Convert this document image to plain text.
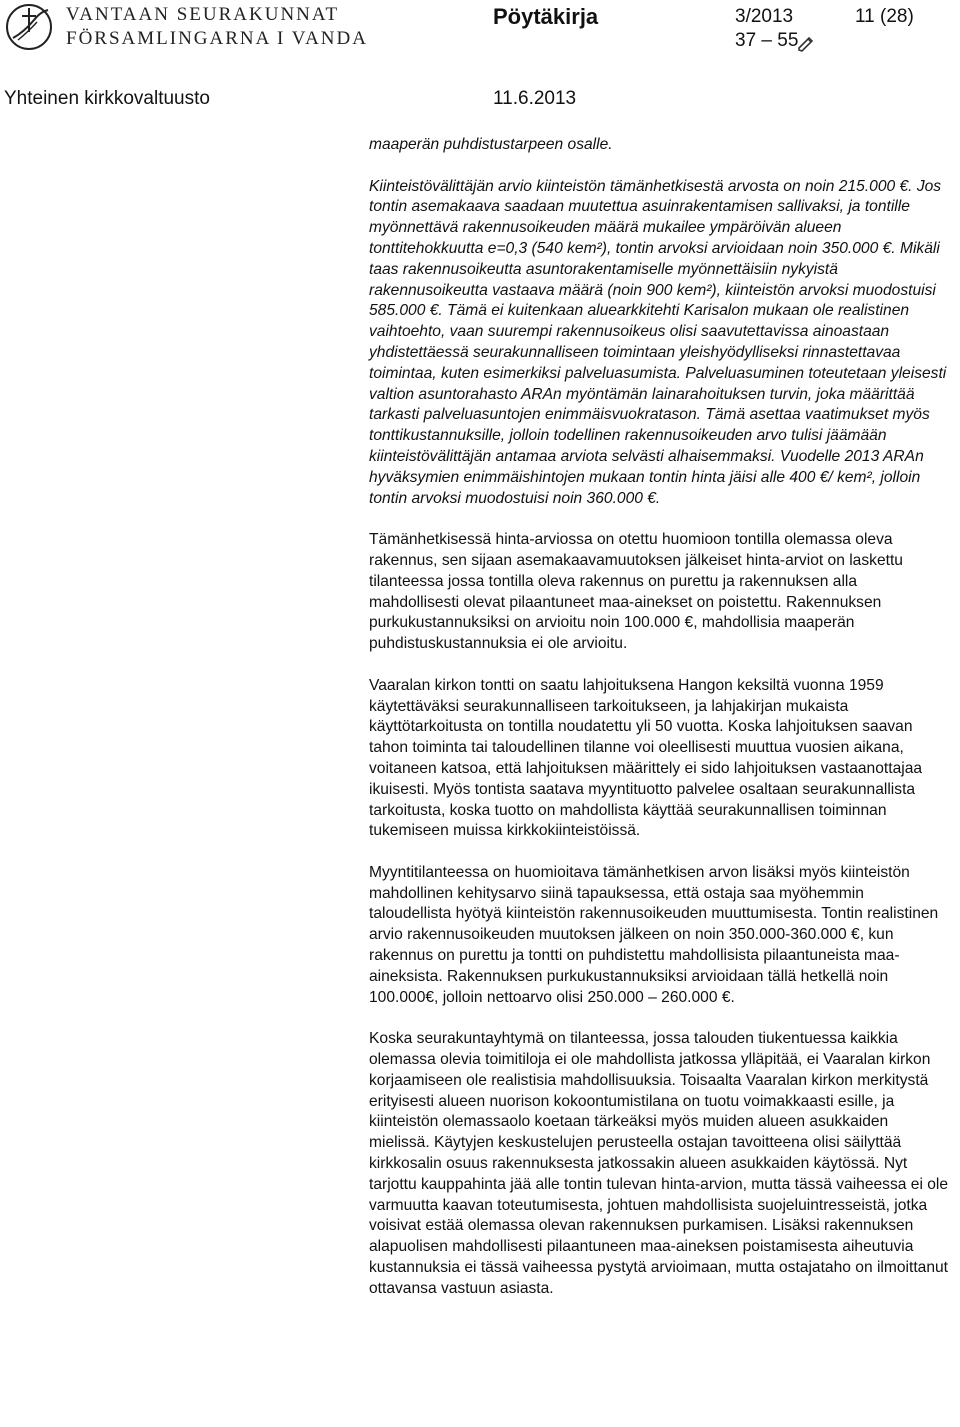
VANTAAN SEURAKUNNAT
FÖRSAMLINGARNA I VANDA
Pöytäkirja	3/2013	11 (28)
37 – 55
Yhteinen kirkkovaltuusto	11.6.2013

maaperän puhdistustarpeen osalle.

Kiinteistövälittäjän arvio kiinteistön tämänhetkisestä arvosta on noin 215.000 €. Jos tontin asemakaava saadaan muutettua asuinrakentamisen sallivaksi, ja tontille myönnettävä rakennusoikeuden määrä mukailee ympäröivän alueen tonttitehokkuutta e=0,3 (540 kem²), tontin arvoksi arvioidaan noin 350.000 €. Mikäli taas rakennusoikeutta asuntorakentamiselle myönnettäisiin nykyistä rakennusoikeutta vastaava määrä (noin 900 kem²), kiinteistön arvoksi muodostuisi 585.000 €. Tämä ei kuitenkaan aluearkkitehti Karisalon mukaan ole realistinen vaihtoehto, vaan suurempi rakennusoikeus olisi saavutettavissa ainoastaan yhdistettäessä seurakunnalliseen toimintaan yleishyödylliseksi rinnastettavaa toimintaa, kuten esimerkiksi palveluasumista. Palveluasuminen toteutetaan yleisesti valtion asuntorahasto ARAn myöntämän lainarahoituksen turvin, joka määrittää tarkasti palveluasuntojen enimmäisvuokratason. Tämä asettaa vaatimukset myös tonttikustannuksille, jolloin todellinen rakennusoikeuden arvo tulisi jäämään kiinteistövälittäjän antamaa arviota selvästi alhaisemmaksi. Vuodelle 2013 ARAn hyväksymien enimmäishintojen mukaan tontin hinta jäisi alle 400 €/ kem², jolloin tontin arvoksi muodostuisi noin 360.000 €.

Tämänhetkisessä hinta-arviossa on otettu huomioon tontilla olemassa oleva rakennus, sen sijaan asemakaavamuutoksen jälkeiset hinta-arviot on laskettu tilanteessa jossa tontilla oleva rakennus on purettu ja rakennuksen alla mahdollisesti olevat pilaantuneet maa-ainekset on poistettu. Rakennuksen purkukustannuksiksi on arvioitu noin 100.000 €, mahdollisia maaperän puhdistuskustannuksia ei ole arvioitu.

Vaaralan kirkon tontti on saatu lahjoituksena Hangon keksiltä vuonna 1959 käytettäväksi seurakunnalliseen tarkoitukseen, ja lahjakirjan mukaista käyttötarkoitusta on tontilla noudatettu yli 50 vuotta. Koska lahjoituksen saavan tahon toiminta tai taloudellinen tilanne voi oleellisesti muuttua vuosien aikana, voitaneen katsoa, että lahjoituksen määrittely ei sido lahjoituksen vastaanottajaa ikuisesti. Myös tontista saatava myyntituotto palvelee osaltaan seurakunnallista tarkoitusta, koska tuotto on mahdollista käyttää seurakunnallisen toiminnan tukemiseen muissa kirkkokiinteistöissä.

Myyntitilanteessa on huomioitava tämänhetkisen arvon lisäksi myös kiinteistön mahdollinen kehitysarvo siinä tapauksessa, että ostaja saa myöhemmin taloudellista hyötyä kiinteistön rakennusoikeuden muuttumisesta. Tontin realistinen arvio rakennusoikeuden muutoksen jälkeen on noin 350.000-360.000 €, kun rakennus on purettu ja tontti on puhdistettu mahdollisista pilaantuneista maa-aineksista. Rakennuksen purkukustannuksiksi arvioidaan tällä hetkellä noin 100.000€, jolloin nettoarvo olisi 250.000 – 260.000 €.

Koska seurakuntayhtymä on tilanteessa, jossa talouden tiukentuessa kaikkia olemassa olevia toimitiloja ei ole mahdollista jatkossa ylläpitää, ei Vaaralan kirkon korjaamiseen ole realistisia mahdollisuuksia. Toisaalta Vaaralan kirkon merkitystä erityisesti alueen nuorison kokoontumistilana on tuotu voimakkaasti esille, ja kiinteistön olemassaolo koetaan tärkeäksi myös muiden alueen asukkaiden mielissä. Käytyjen keskustelujen perusteella ostajan tavoitteena olisi säilyttää kirkkosalin osuus rakennuksesta jatkossakin alueen asukkaiden käytössä. Nyt tarjottu kauppahinta jää alle tontin tulevan hinta-arvion, mutta tässä vaiheessa ei ole varmuutta kaavan toteutumisesta, johtuen mahdollisista suojeluintresseistä, jotka voisivat estää olemassa olevan rakennuksen purkamisen. Lisäksi rakennuksen alapuolisen mahdollisesti pilaantuneen maa-aineksen poistamisesta aiheutuvia kustannuksia ei tässä vaiheessa pystytä arvioimaan, mutta ostajataho on ilmoittanut ottavansa vastuun asiasta.
